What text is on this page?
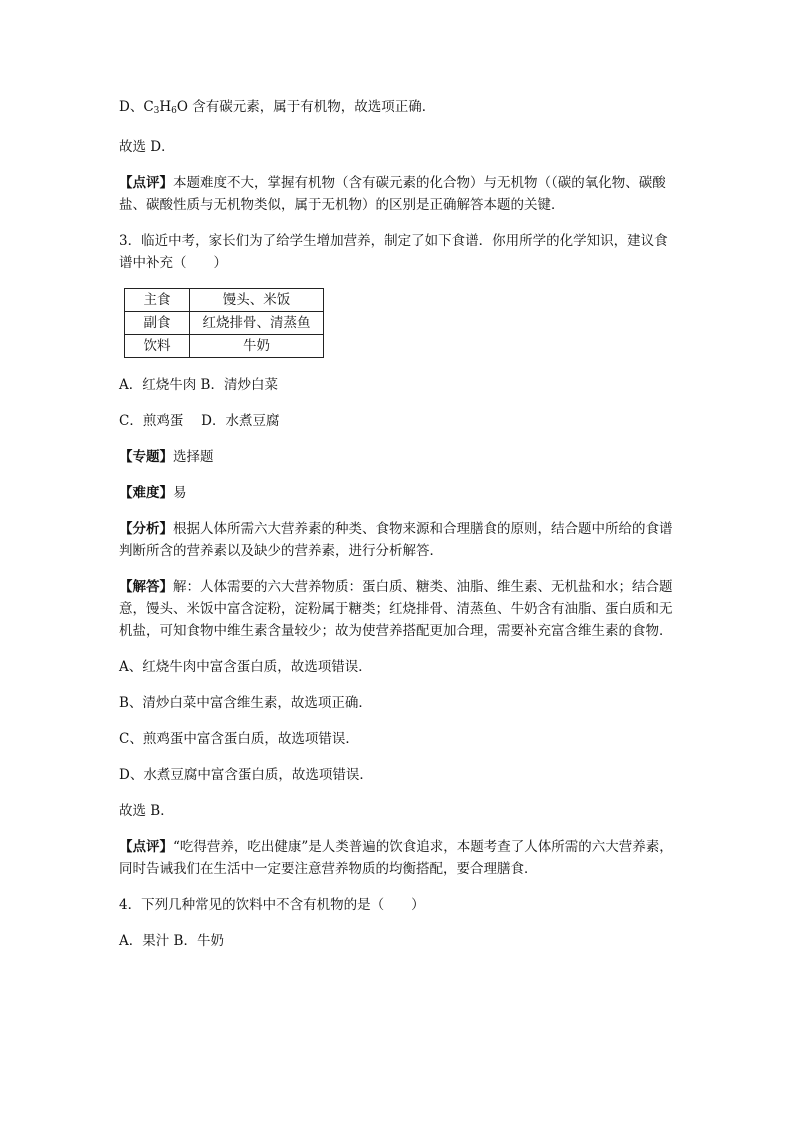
D、$C_3H_6O$ 含有碳元素，属于有机物，故选项正确．

故选 D．

【点评】本题难度不大，掌握有机物（含有碳元素的化合物）与无机物（（碳的氧化物、碳酸盐、碳酸性质与无机物类似，属于无机物）的区别是正确解答本题的关键．

3．临近中考，家长们为了给学生增加营养，制定了如下食谱．你用所学的化学知识，建议食谱中补充（　　）

主食	馒头、米饭
副食	红烧排骨、清蒸鱼
饮料	牛奶

A．红烧牛肉 B．清炒白菜

C．煎鸡蛋　 D．水煮豆腐

【专题】选择题

【难度】易

【分析】根据人体所需六大营养素的种类、食物来源和合理膳食的原则，结合题中所给的食谱判断所含的营养素以及缺少的营养素，进行分析解答．

【解答】解：人体需要的六大营养物质：蛋白质、糖类、油脂、维生素、无机盐和水；结合题意，馒头、米饭中富含淀粉，淀粉属于糖类；红烧排骨、清蒸鱼、牛奶含有油脂、蛋白质和无机盐，可知食物中维生素含量较少；故为使营养搭配更加合理，需要补充富含维生素的食物．

A、红烧牛肉中富含蛋白质，故选项错误．

B、清炒白菜中富含维生素，故选项正确．

C、煎鸡蛋中富含蛋白质，故选项错误．

D、水煮豆腐中富含蛋白质，故选项错误．

故选 B．

【点评】“吃得营养，吃出健康”是人类普遍的饮食追求，本题考查了人体所需的六大营养素，同时告诫我们在生活中一定要注意营养物质的均衡搭配，要合理膳食．

4．下列几种常见的饮料中不含有机物的是（　　）

A．果汁 B．牛奶
